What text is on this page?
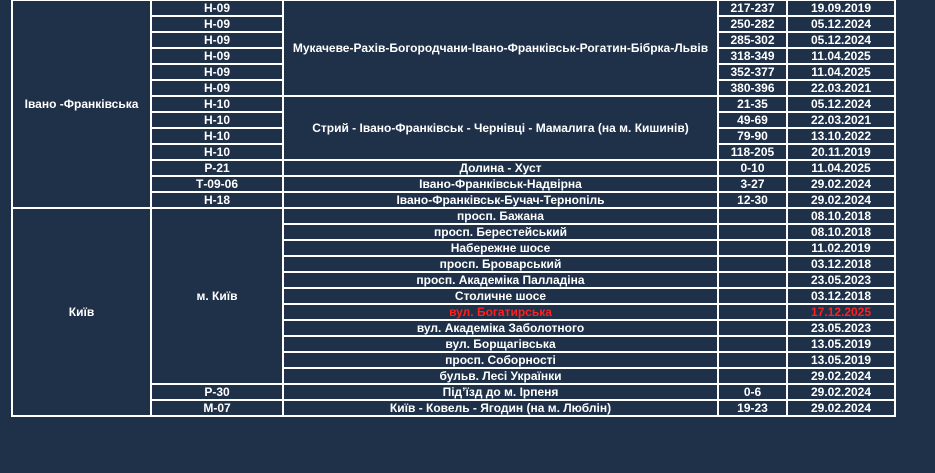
Івано -Франківська	Н-09	Мукачеве-Рахів-Богородчани-Івано-Франківськ-Рогатин-Бібрка-Львів	217-237	19.09.2019
	Н-09		250-282	05.12.2024
	Н-09		285-302	05.12.2024
	Н-09		318-349	11.04.2025
	Н-09		352-377	11.04.2025
	Н-09		380-396	22.03.2021
	Н-10	Стрий - Івано-Франківськ - Чернівці - Мамалига (на м. Кишинів)	21-35	05.12.2024
	Н-10		49-69	22.03.2021
	Н-10		79-90	13.10.2022
	Н-10		118-205	20.11.2019
	Р-21	Долина - Хуст	0-10	11.04.2025
	Т-09-06	Івано-Франківськ-Надвірна	3-27	29.02.2024
	Н-18	Івано-Франківськ-Бучач-Тернопіль	12-30	29.02.2024
Київ	м. Київ	просп. Бажана		08.10.2018
		просп. Берестейський		08.10.2018
		Набережне шосе		11.02.2019
		просп. Броварський		03.12.2018
		просп. Академіка Палладіна		23.05.2023
		Столичне шосе		03.12.2018
		вул. Богатирська		17.12.2025
		вул. Академіка Заболотного		23.05.2023
		вул. Борщагівська		13.05.2019
		просп. Соборності		13.05.2019
		бульв. Лесі Українки		29.02.2024
	Р-30	Під’їзд до м. Ірпеня	0-6	29.02.2024
	М-07	Київ - Ковель - Ягодин (на м. Люблін)	19-23	29.02.2024
